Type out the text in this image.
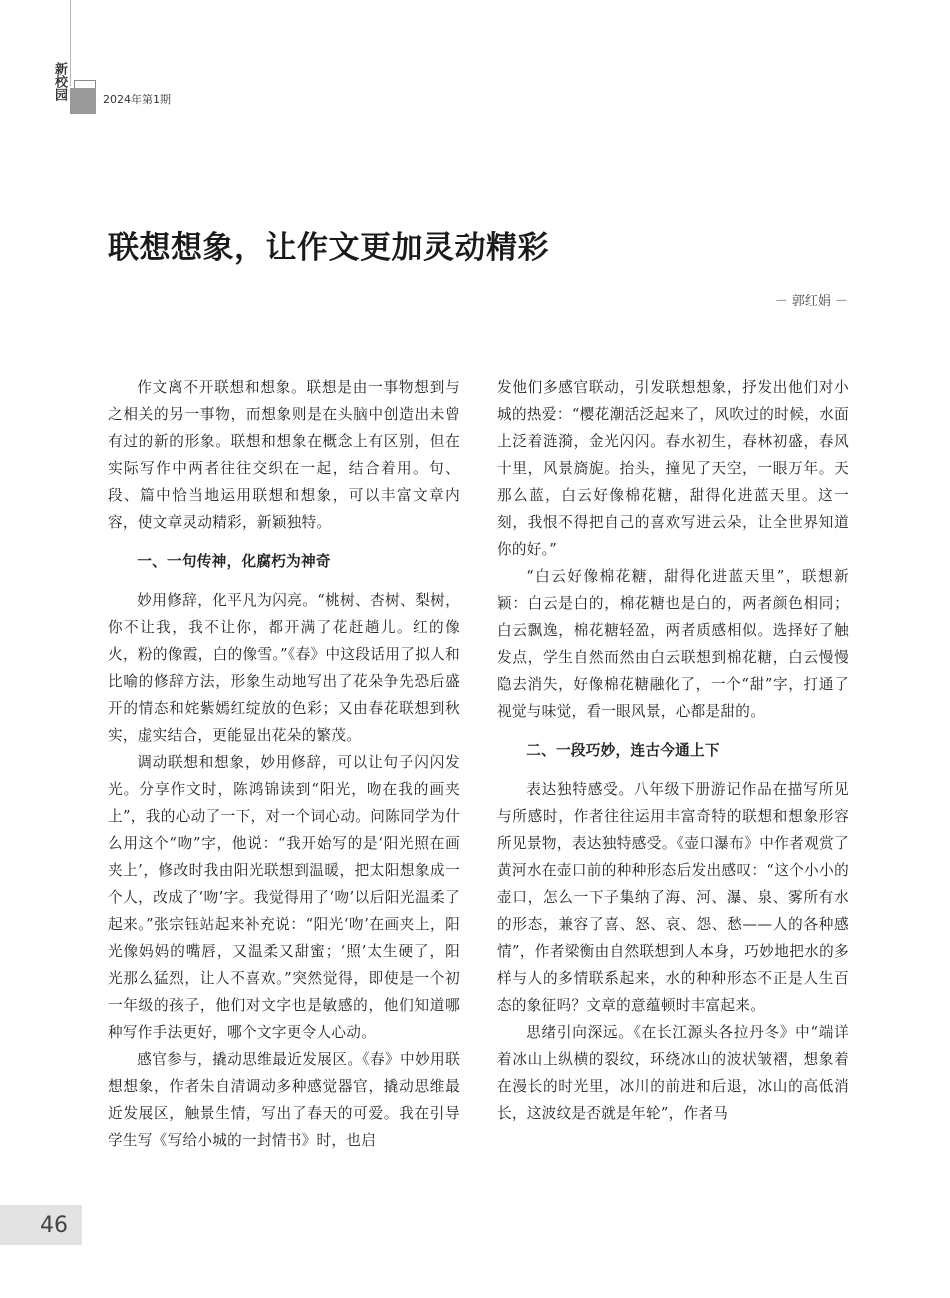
新校园	2024年第1期
联想想象，让作文更加灵动精彩
－ 郭红娟 －

作文离不开联想和想象。联想是由一事物想到与之相关的另一事物，而想象则是在头脑中创造出未曾有过的新的形象。联想和想象在概念上有区别，但在实际写作中两者往往交织在一起，结合着用。句、段、篇中恰当地运用联想和想象，可以丰富文章内容，使文章灵动精彩，新颖独特。

一、一句传神，化腐朽为神奇

妙用修辞，化平凡为闪亮。“桃树、杏树、梨树，你不让我，我不让你，都开满了花赶趟儿。红的像火，粉的像霞，白的像雪。”《春》中这段话用了拟人和比喻的修辞方法，形象生动地写出了花朵争先恐后盛开的情态和姹紫嫣红绽放的色彩；又由春花联想到秋实，虚实结合，更能显出花朵的繁茂。

调动联想和想象，妙用修辞，可以让句子闪闪发光。分享作文时，陈鸿锦读到“阳光，吻在我的画夹上”，我的心动了一下，对一个词心动。问陈同学为什么用这个“吻”字，他说：“我开始写的是‘阳光照在画夹上’，修改时我由阳光联想到温暖，把太阳想象成一个人，改成了‘吻’字。我觉得用了‘吻’以后阳光温柔了起来。”张宗钰站起来补充说：“阳光‘吻’在画夹上，阳光像妈妈的嘴唇，又温柔又甜蜜；‘照’太生硬了，阳光那么猛烈，让人不喜欢。”突然觉得，即使是一个初一年级的孩子，他们对文字也是敏感的，他们知道哪种写作手法更好，哪个文字更令人心动。

感官参与，撬动思维最近发展区。《春》中妙用联想想象，作者朱自清调动多种感觉器官，撬动思维最近发展区，触景生情，写出了春天的可爱。我在引导学生写《写给小城的一封情书》时，也启

发他们多感官联动，引发联想想象，抒发出他们对小城的热爱：“樱花潮活泛起来了，风吹过的时候，水面上泛着涟漪，金光闪闪。春水初生，春林初盛，春风十里，风景旖旎。抬头，撞见了天空，一眼万年。天那么蓝，白云好像棉花糖，甜得化进蓝天里。这一刻，我恨不得把自己的喜欢写进云朵，让全世界知道你的好。”

“白云好像棉花糖，甜得化进蓝天里”，联想新颖：白云是白的，棉花糖也是白的，两者颜色相同；白云飘逸，棉花糖轻盈，两者质感相似。选择好了触发点，学生自然而然由白云联想到棉花糖，白云慢慢隐去消失，好像棉花糖融化了，一个“甜”字，打通了视觉与味觉，看一眼风景，心都是甜的。

二、一段巧妙，连古今通上下

表达独特感受。八年级下册游记作品在描写所见与所感时，作者往往运用丰富奇特的联想和想象形容所见景物，表达独特感受。《壶口瀑布》中作者观赏了黄河水在壶口前的种种形态后发出感叹：“这个小小的壶口，怎么一下子集纳了海、河、瀑、泉、雾所有水的形态，兼容了喜、怒、哀、怨、愁——人的各种感情”，作者梁衡由自然联想到人本身，巧妙地把水的多样与人的多情联系起来，水的种种形态不正是人生百态的象征吗？文章的意蕴顿时丰富起来。

思绪引向深远。《在长江源头各拉丹冬》中“端详着冰山上纵横的裂纹，环绕冰山的波状皱褶，想象着在漫长的时光里，冰川的前进和后退，冰山的高低消长，这波纹是否就是年轮”，作者马

46
